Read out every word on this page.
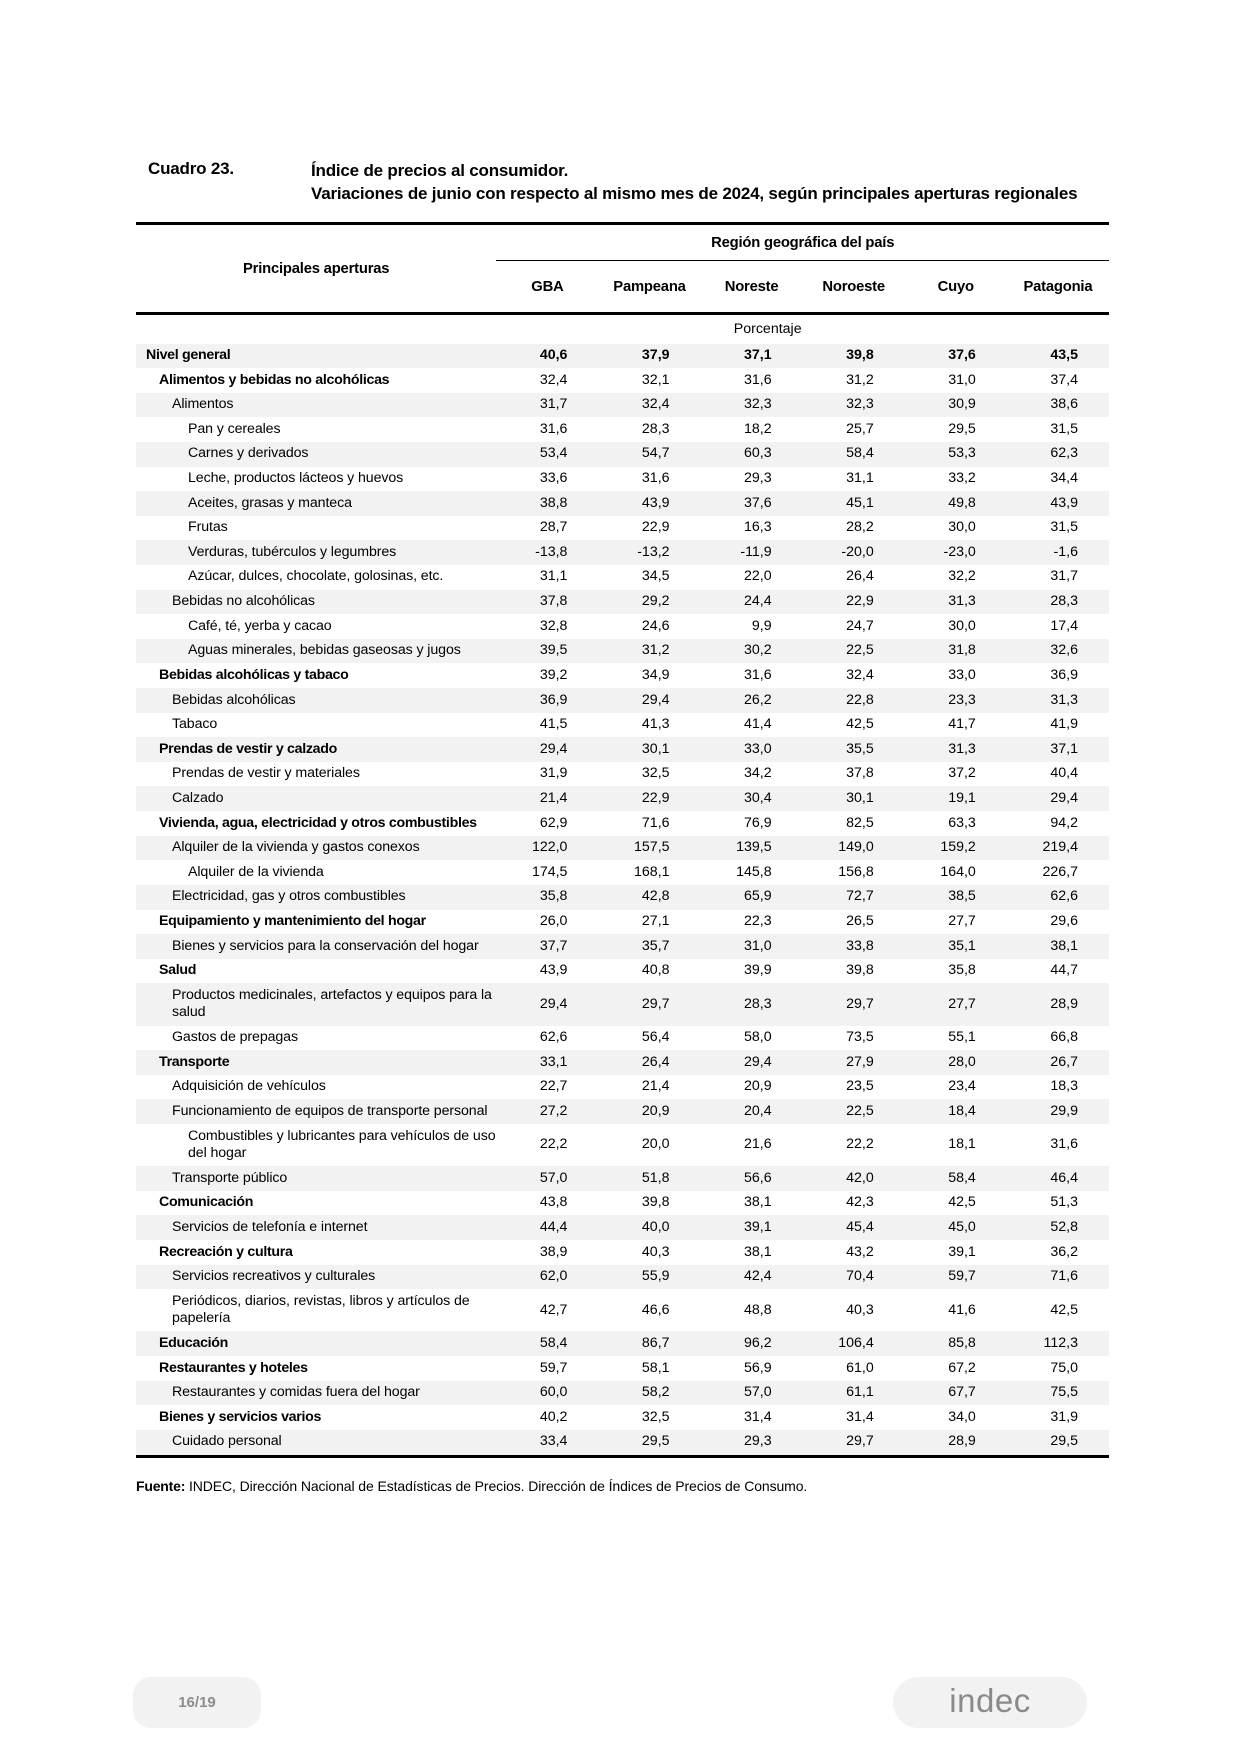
Cuadro 23.	Índice de precios al consumidor.
Variaciones de junio con respecto al mismo mes de 2024, según principales aperturas regionales
Principales aperturas	Región geográfica del país					
	GBA	Pampeana	Noreste	Noroeste	Cuyo	Patagonia
	Porcentaje					
Nivel general	40,6	37,9	37,1	39,8	37,6	43,5
Alimentos y bebidas no alcohólicas	32,4	32,1	31,6	31,2	31,0	37,4
Alimentos	31,7	32,4	32,3	32,3	30,9	38,6
Pan y cereales	31,6	28,3	18,2	25,7	29,5	31,5
Carnes y derivados	53,4	54,7	60,3	58,4	53,3	62,3
Leche, productos lácteos y huevos	33,6	31,6	29,3	31,1	33,2	34,4
Aceites, grasas y manteca	38,8	43,9	37,6	45,1	49,8	43,9
Frutas	28,7	22,9	16,3	28,2	30,0	31,5
Verduras, tubérculos y legumbres	-13,8	-13,2	-11,9	-20,0	-23,0	-1,6
Azúcar, dulces, chocolate, golosinas, etc.	31,1	34,5	22,0	26,4	32,2	31,7
Bebidas no alcohólicas	37,8	29,2	24,4	22,9	31,3	28,3
Café, té, yerba y cacao	32,8	24,6	9,9	24,7	30,0	17,4
Aguas minerales, bebidas gaseosas y jugos	39,5	31,2	30,2	22,5	31,8	32,6
Bebidas alcohólicas y tabaco	39,2	34,9	31,6	32,4	33,0	36,9
Bebidas alcohólicas	36,9	29,4	26,2	22,8	23,3	31,3
Tabaco	41,5	41,3	41,4	42,5	41,7	41,9
Prendas de vestir y calzado	29,4	30,1	33,0	35,5	31,3	37,1
Prendas de vestir y materiales	31,9	32,5	34,2	37,8	37,2	40,4
Calzado	21,4	22,9	30,4	30,1	19,1	29,4
Vivienda, agua, electricidad y otros combustibles	62,9	71,6	76,9	82,5	63,3	94,2
Alquiler de la vivienda y gastos conexos	122,0	157,5	139,5	149,0	159,2	219,4
Alquiler de la vivienda	174,5	168,1	145,8	156,8	164,0	226,7
Electricidad, gas y otros combustibles	35,8	42,8	65,9	72,7	38,5	62,6
Equipamiento y mantenimiento del hogar	26,0	27,1	22,3	26,5	27,7	29,6
Bienes y servicios para la conservación del hogar	37,7	35,7	31,0	33,8	35,1	38,1
Salud	43,9	40,8	39,9	39,8	35,8	44,7
Productos medicinales, artefactos y equipos para la salud	29,4	29,7	28,3	29,7	27,7	28,9
Gastos de prepagas	62,6	56,4	58,0	73,5	55,1	66,8
Transporte	33,1	26,4	29,4	27,9	28,0	26,7
Adquisición de vehículos	22,7	21,4	20,9	23,5	23,4	18,3
Funcionamiento de equipos de transporte personal	27,2	20,9	20,4	22,5	18,4	29,9
Combustibles y lubricantes para vehículos de uso del hogar	22,2	20,0	21,6	22,2	18,1	31,6
Transporte público	57,0	51,8	56,6	42,0	58,4	46,4
Comunicación	43,8	39,8	38,1	42,3	42,5	51,3
Servicios de telefonía e internet	44,4	40,0	39,1	45,4	45,0	52,8
Recreación y cultura	38,9	40,3	38,1	43,2	39,1	36,2
Servicios recreativos y culturales	62,0	55,9	42,4	70,4	59,7	71,6
Periódicos, diarios, revistas, libros y artículos de papelería	42,7	46,6	48,8	40,3	41,6	42,5
Educación	58,4	86,7	96,2	106,4	85,8	112,3
Restaurantes y hoteles	59,7	58,1	56,9	61,0	67,2	75,0
Restaurantes y comidas fuera del hogar	60,0	58,2	57,0	61,1	67,7	75,5
Bienes y servicios varios	40,2	32,5	31,4	31,4	34,0	31,9
Cuidado personal	33,4	29,5	29,3	29,7	28,9	29,5
Fuente: INDEC, Dirección Nacional de Estadísticas de Precios. Dirección de Índices de Precios de Consumo.
16/19	indec
